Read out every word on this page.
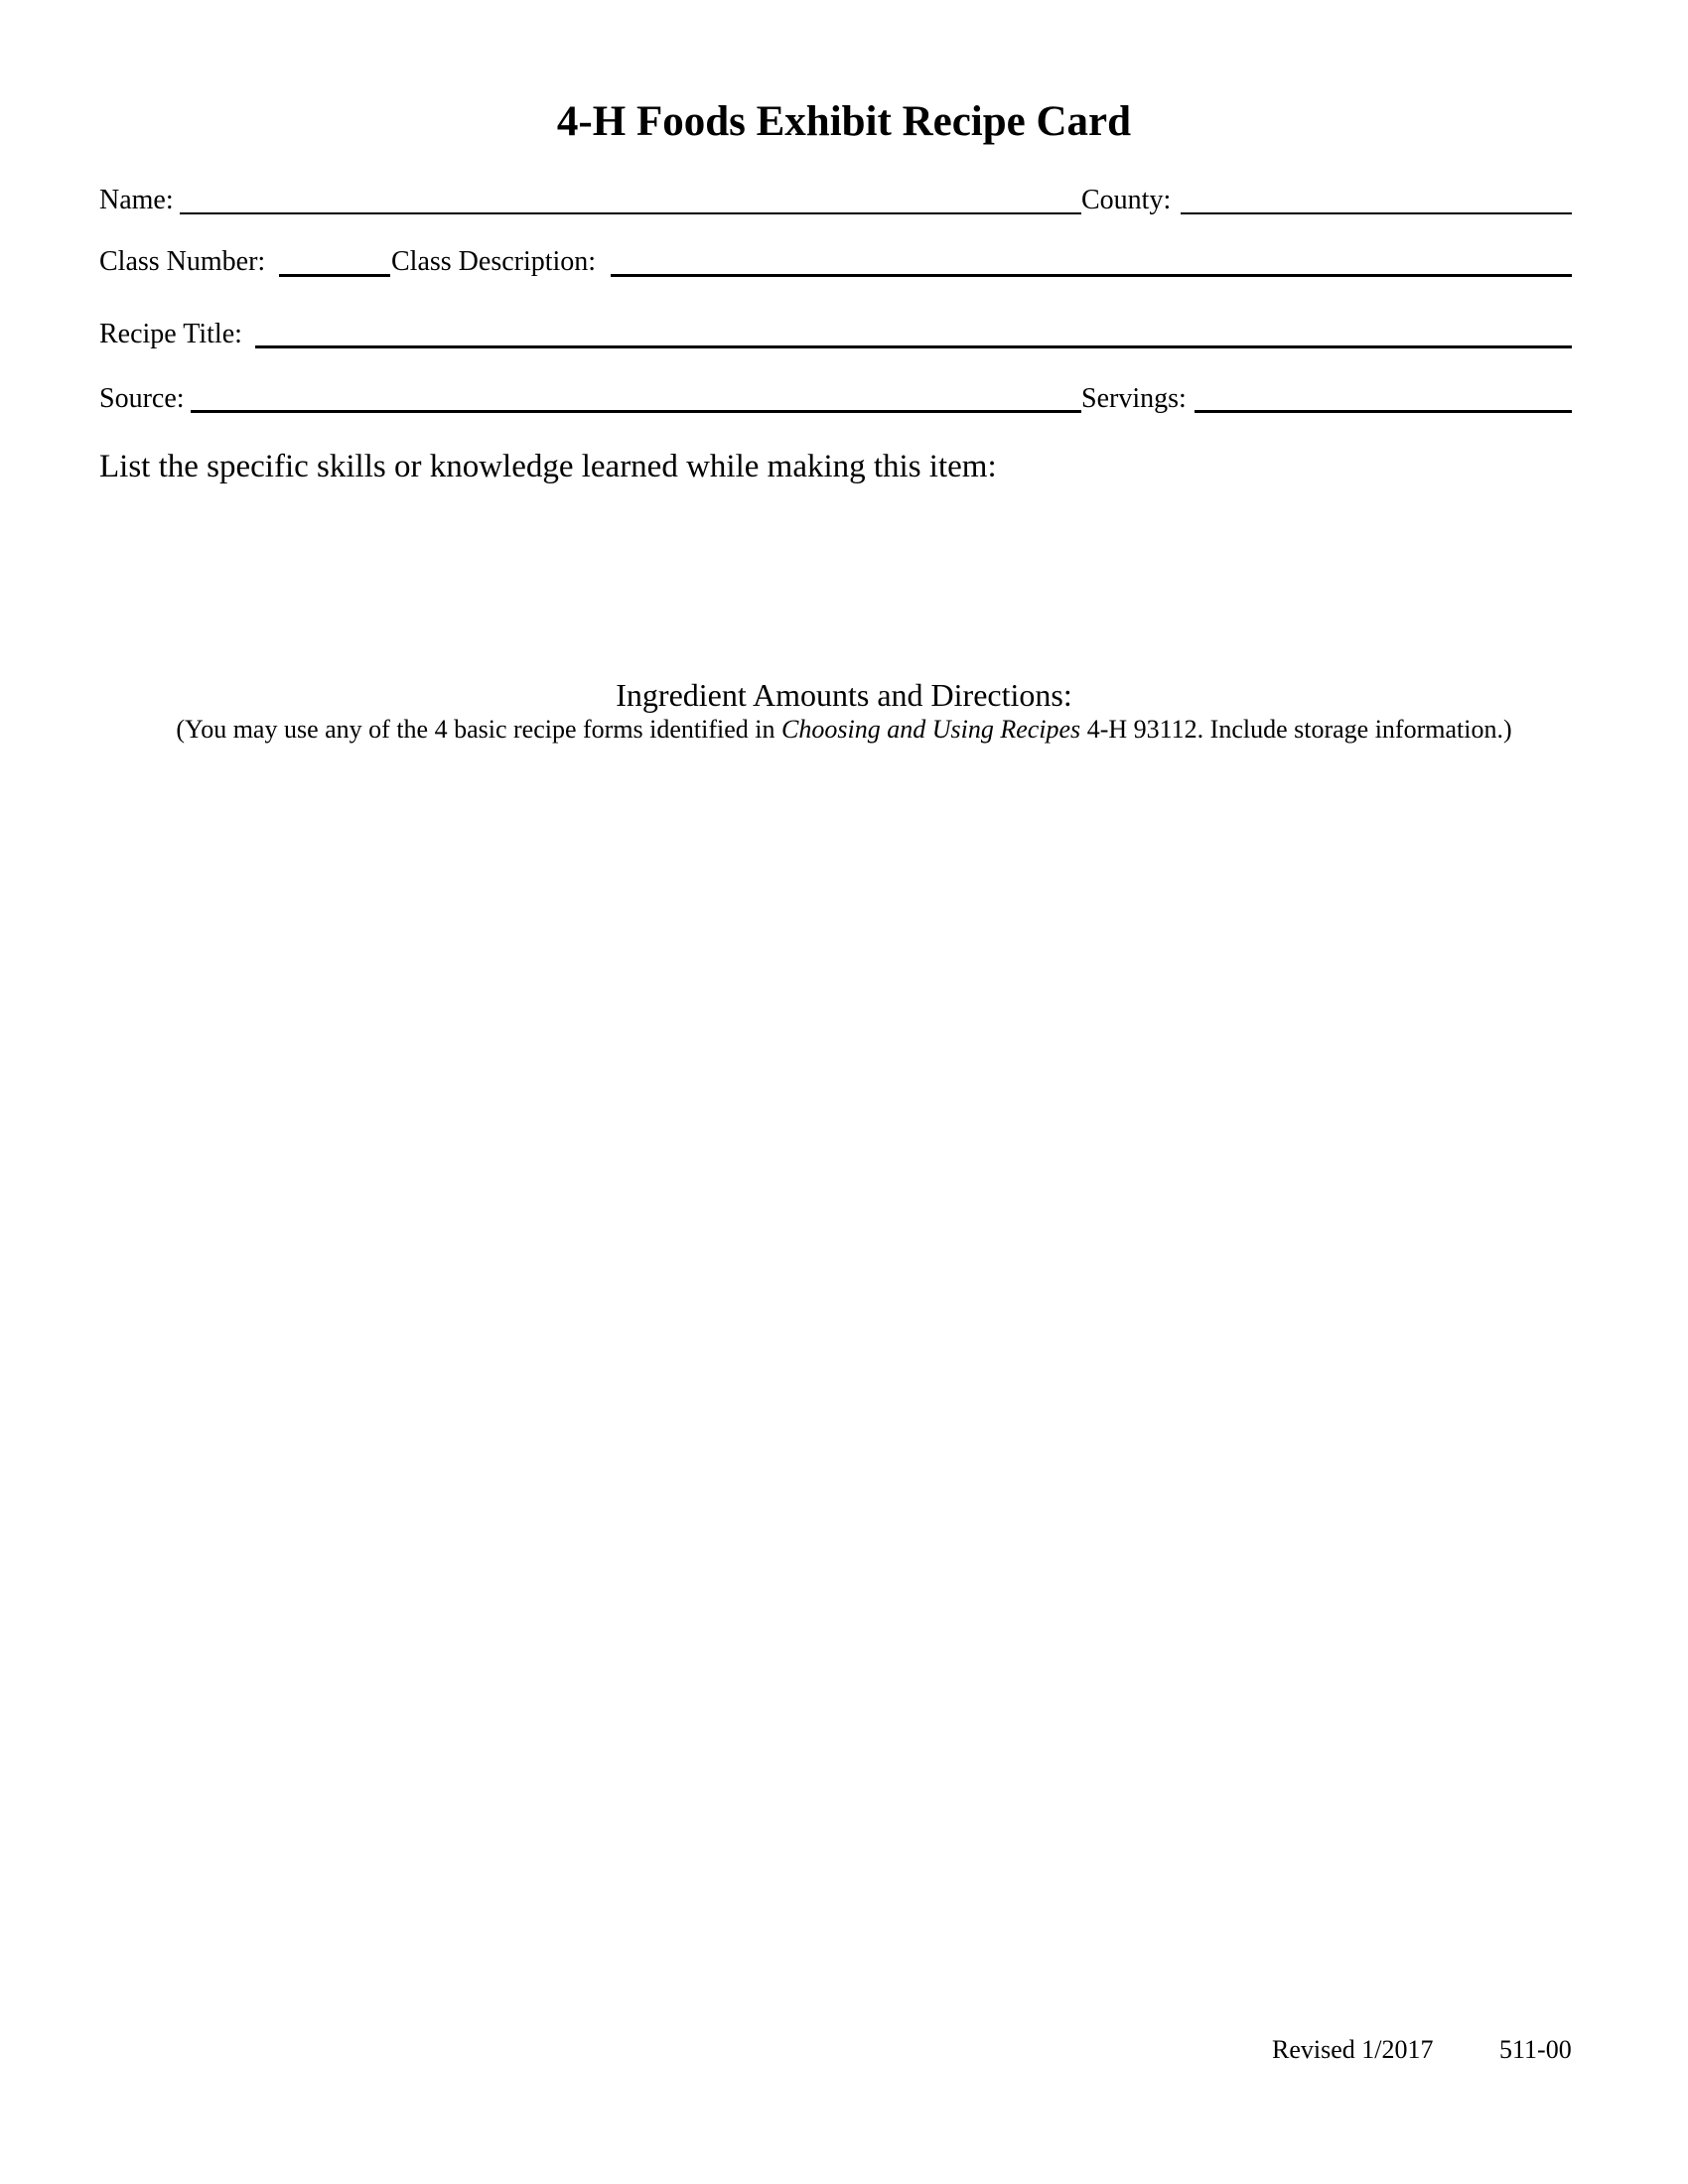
4-H Foods Exhibit Recipe Card
Name:	County:
Class Number:	Class Description:
Recipe Title:
Source:	Servings:
List the specific skills or knowledge learned while making this item:
Ingredient Amounts and Directions:
(You may use any of the 4 basic recipe forms identified in Choosing and Using Recipes 4-H 93112. Include storage information.)
Revised 1/2017	511-00
